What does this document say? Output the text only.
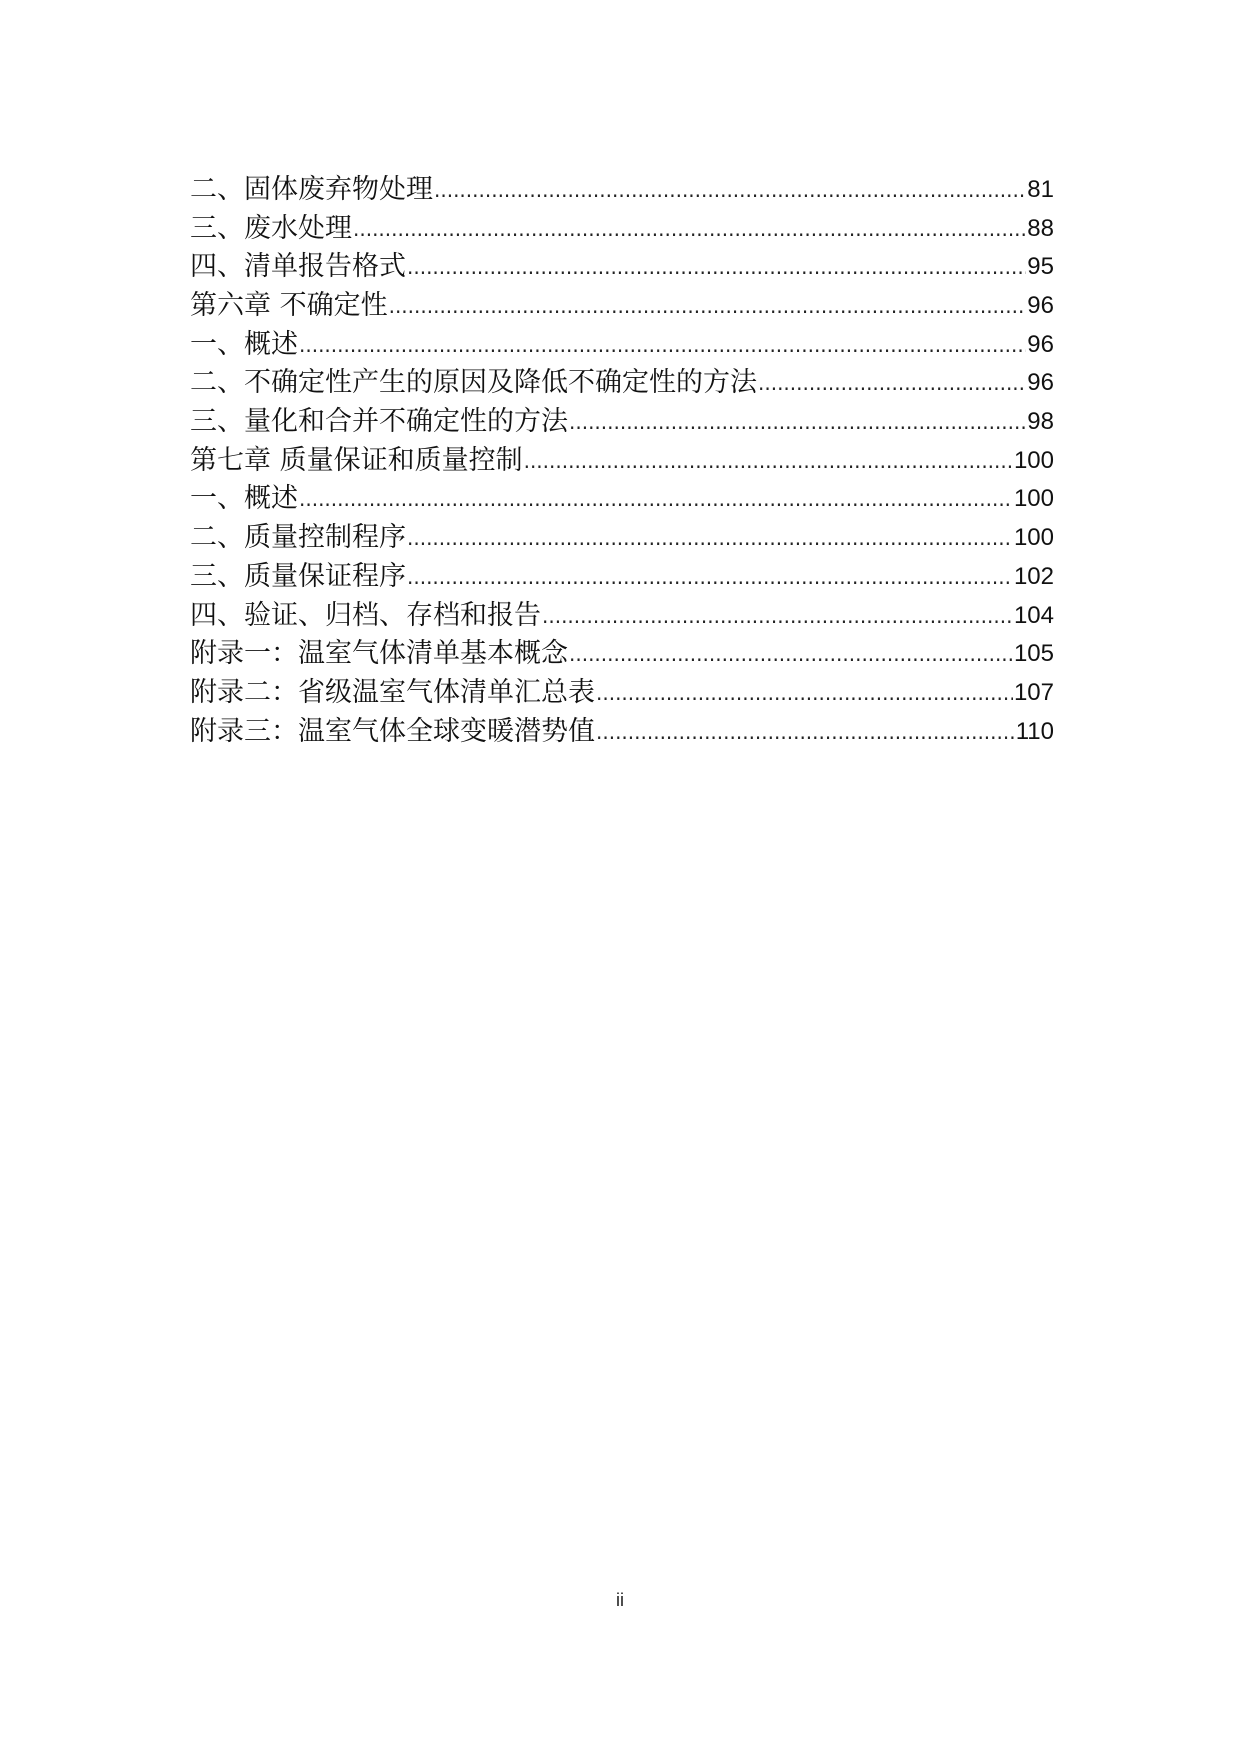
二、固体废弃物处理 .....	81
三、废水处理 .....	88
四、清单报告格式 .....	95
第六章 不确定性 .....	96
一、概述 .....	96
二、不确定性产生的原因及降低不确定性的方法 .....	96
三、量化和合并不确定性的方法 .....	98
第七章 质量保证和质量控制 .....	100
一、概述 .....	100
二、质量控制程序 .....	100
三、质量保证程序 .....	102
四、验证、归档、存档和报告 .....	104
附录一：温室气体清单基本概念 .....	105
附录二：省级温室气体清单汇总表 .....	107
附录三：温室气体全球变暖潜势值 .....	110
ii
